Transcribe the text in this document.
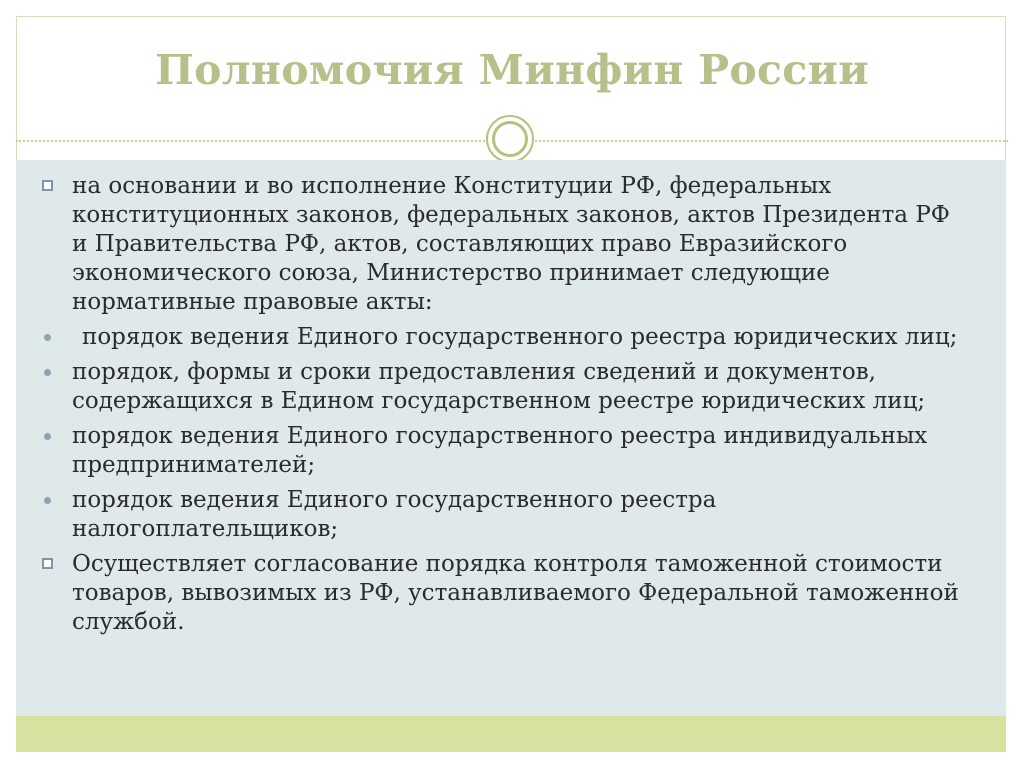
Полномочия Минфин России
на основании и во исполнение Конституции РФ, федеральных конституционных законов, федеральных законов, актов Президента РФ и Правительства РФ, актов, составляющих право Евразийского экономического союза, Министерство принимает следующие нормативные правовые акты:
порядок ведения Единого государственного реестра юридических лиц;
порядок, формы и сроки предоставления сведений и документов, содержащихся в Едином государственном реестре юридических лиц;
порядок ведения Единого государственного реестра индивидуальных предпринимателей;
порядок ведения Единого государственного реестра налогоплательщиков;
Осуществляет согласование порядка контроля таможенной стоимости товаров, вывозимых из РФ, устанавливаемого Федеральной таможенной службой.
